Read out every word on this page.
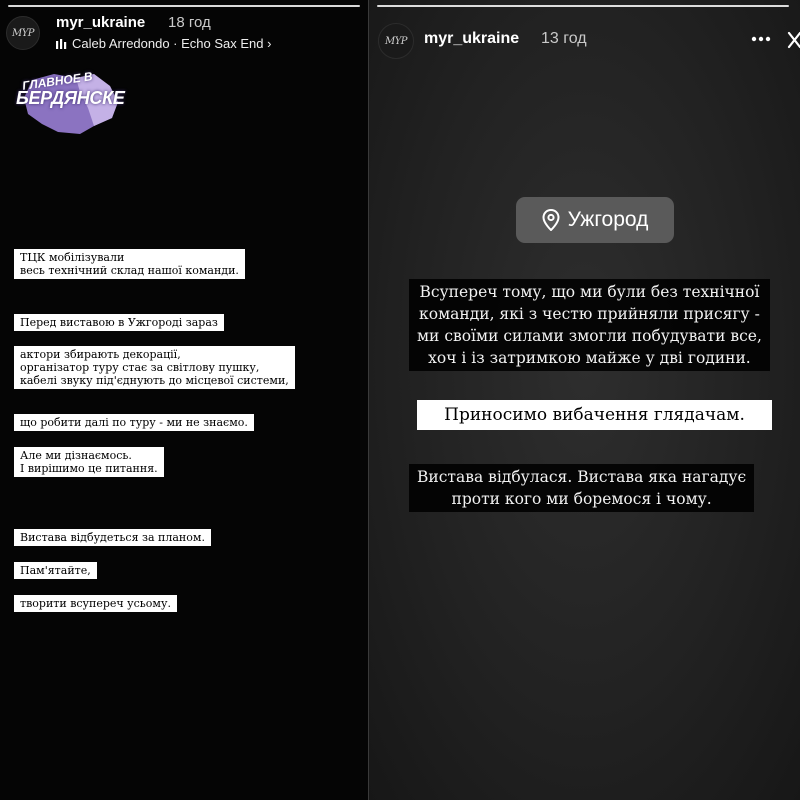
MYP
myr_ukraine 18 год
Caleb Arredondo · Echo Sax End ›
ГЛАВНОЕ В
БЕРДЯНСКЕ
ТЦК мобілізували
весь технічний склад нашої команди.
Перед виставою в Ужгороді зараз
актори збирають декорації,
організатор туру стає за світлову пушку,
кабелі звуку під'єднують до місцевої системи,
що робити далі по туру - ми не знаємо.
Але ми дізнаємось.
І вирішимо це питання.
Вистава відбудеться за планом.
Пам'ятайте,
творити всупереч усьому.
MYP	myr_ukraine 13 год
Ужгород
Всупереч тому, що ми були без технічної
команди, які з честю прийняли присягу -
ми своїми силами змогли побудувати все,
хоч і із затримкою майже у дві години.
Приносимо вибачення глядачам.
Вистава відбулася. Вистава яка нагадує
проти кого ми боремося і чому.
